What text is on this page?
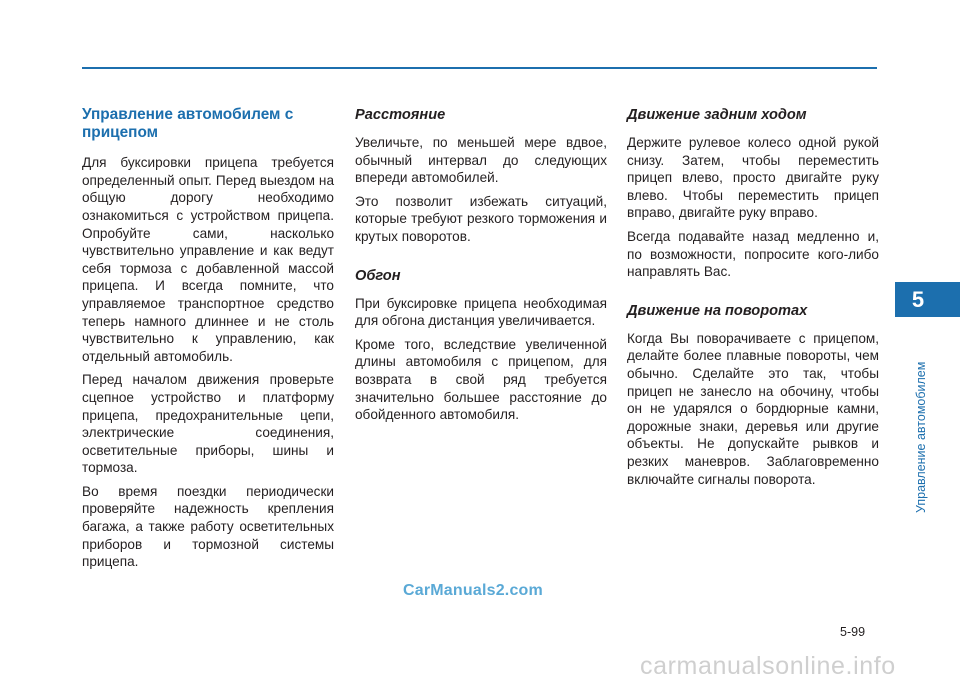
Управление автомобилем с прицепом

Для буксировки прицепа требуется определенный опыт. Перед выездом на общую дорогу необходимо ознакомиться с устройством прицепа. Опробуйте сами, насколько чувствительно управление и как ведут себя тормоза с добавленной массой прицепа. И всегда помните, что управляемое транспортное средство теперь намного длиннее и не столь чувствительно к управлению, как отдельный автомобиль.

Перед началом движения проверьте сцепное устройство и платформу прицепа, предохранительные цепи, электрические соединения, осветительные приборы, шины и тормоза.

Во время поездки периодически проверяйте надежность крепления багажа, а также работу осветительных приборов и тормозной системы прицепа.

Расстояние

Увеличьте, по меньшей мере вдвое, обычный интервал до следующих впереди автомобилей.

Это позволит избежать ситуаций, которые требуют резкого торможения и крутых поворотов.

Обгон

При буксировке прицепа необходимая для обгона дистанция увеличивается.

Кроме того, вследствие увеличенной длины автомобиля с прицепом, для возврата в свой ряд требуется значительно большее расстояние до обойденного автомобиля.

Движение задним ходом

Держите рулевое колесо одной рукой снизу. Затем, чтобы переместить прицеп влево, просто двигайте руку влево. Чтобы переместить прицеп вправо, двигайте руку вправо.

Всегда подавайте назад медленно и, по возможности, попросите кого-либо направлять Вас.

Движение на поворотах

Когда Вы поворачиваете с прицепом, делайте более плавные повороты, чем обычно. Сделайте это так, чтобы прицеп не занесло на обочину, чтобы он не ударялся о бордюрные камни, дорожные знаки, деревья или другие объекты. Не допускайте рывков и резких маневров. Заблаговременно включайте сигналы поворота.

5
Управление автомобилем
CarManuals2.com
5-99
carmanualsonline.info
